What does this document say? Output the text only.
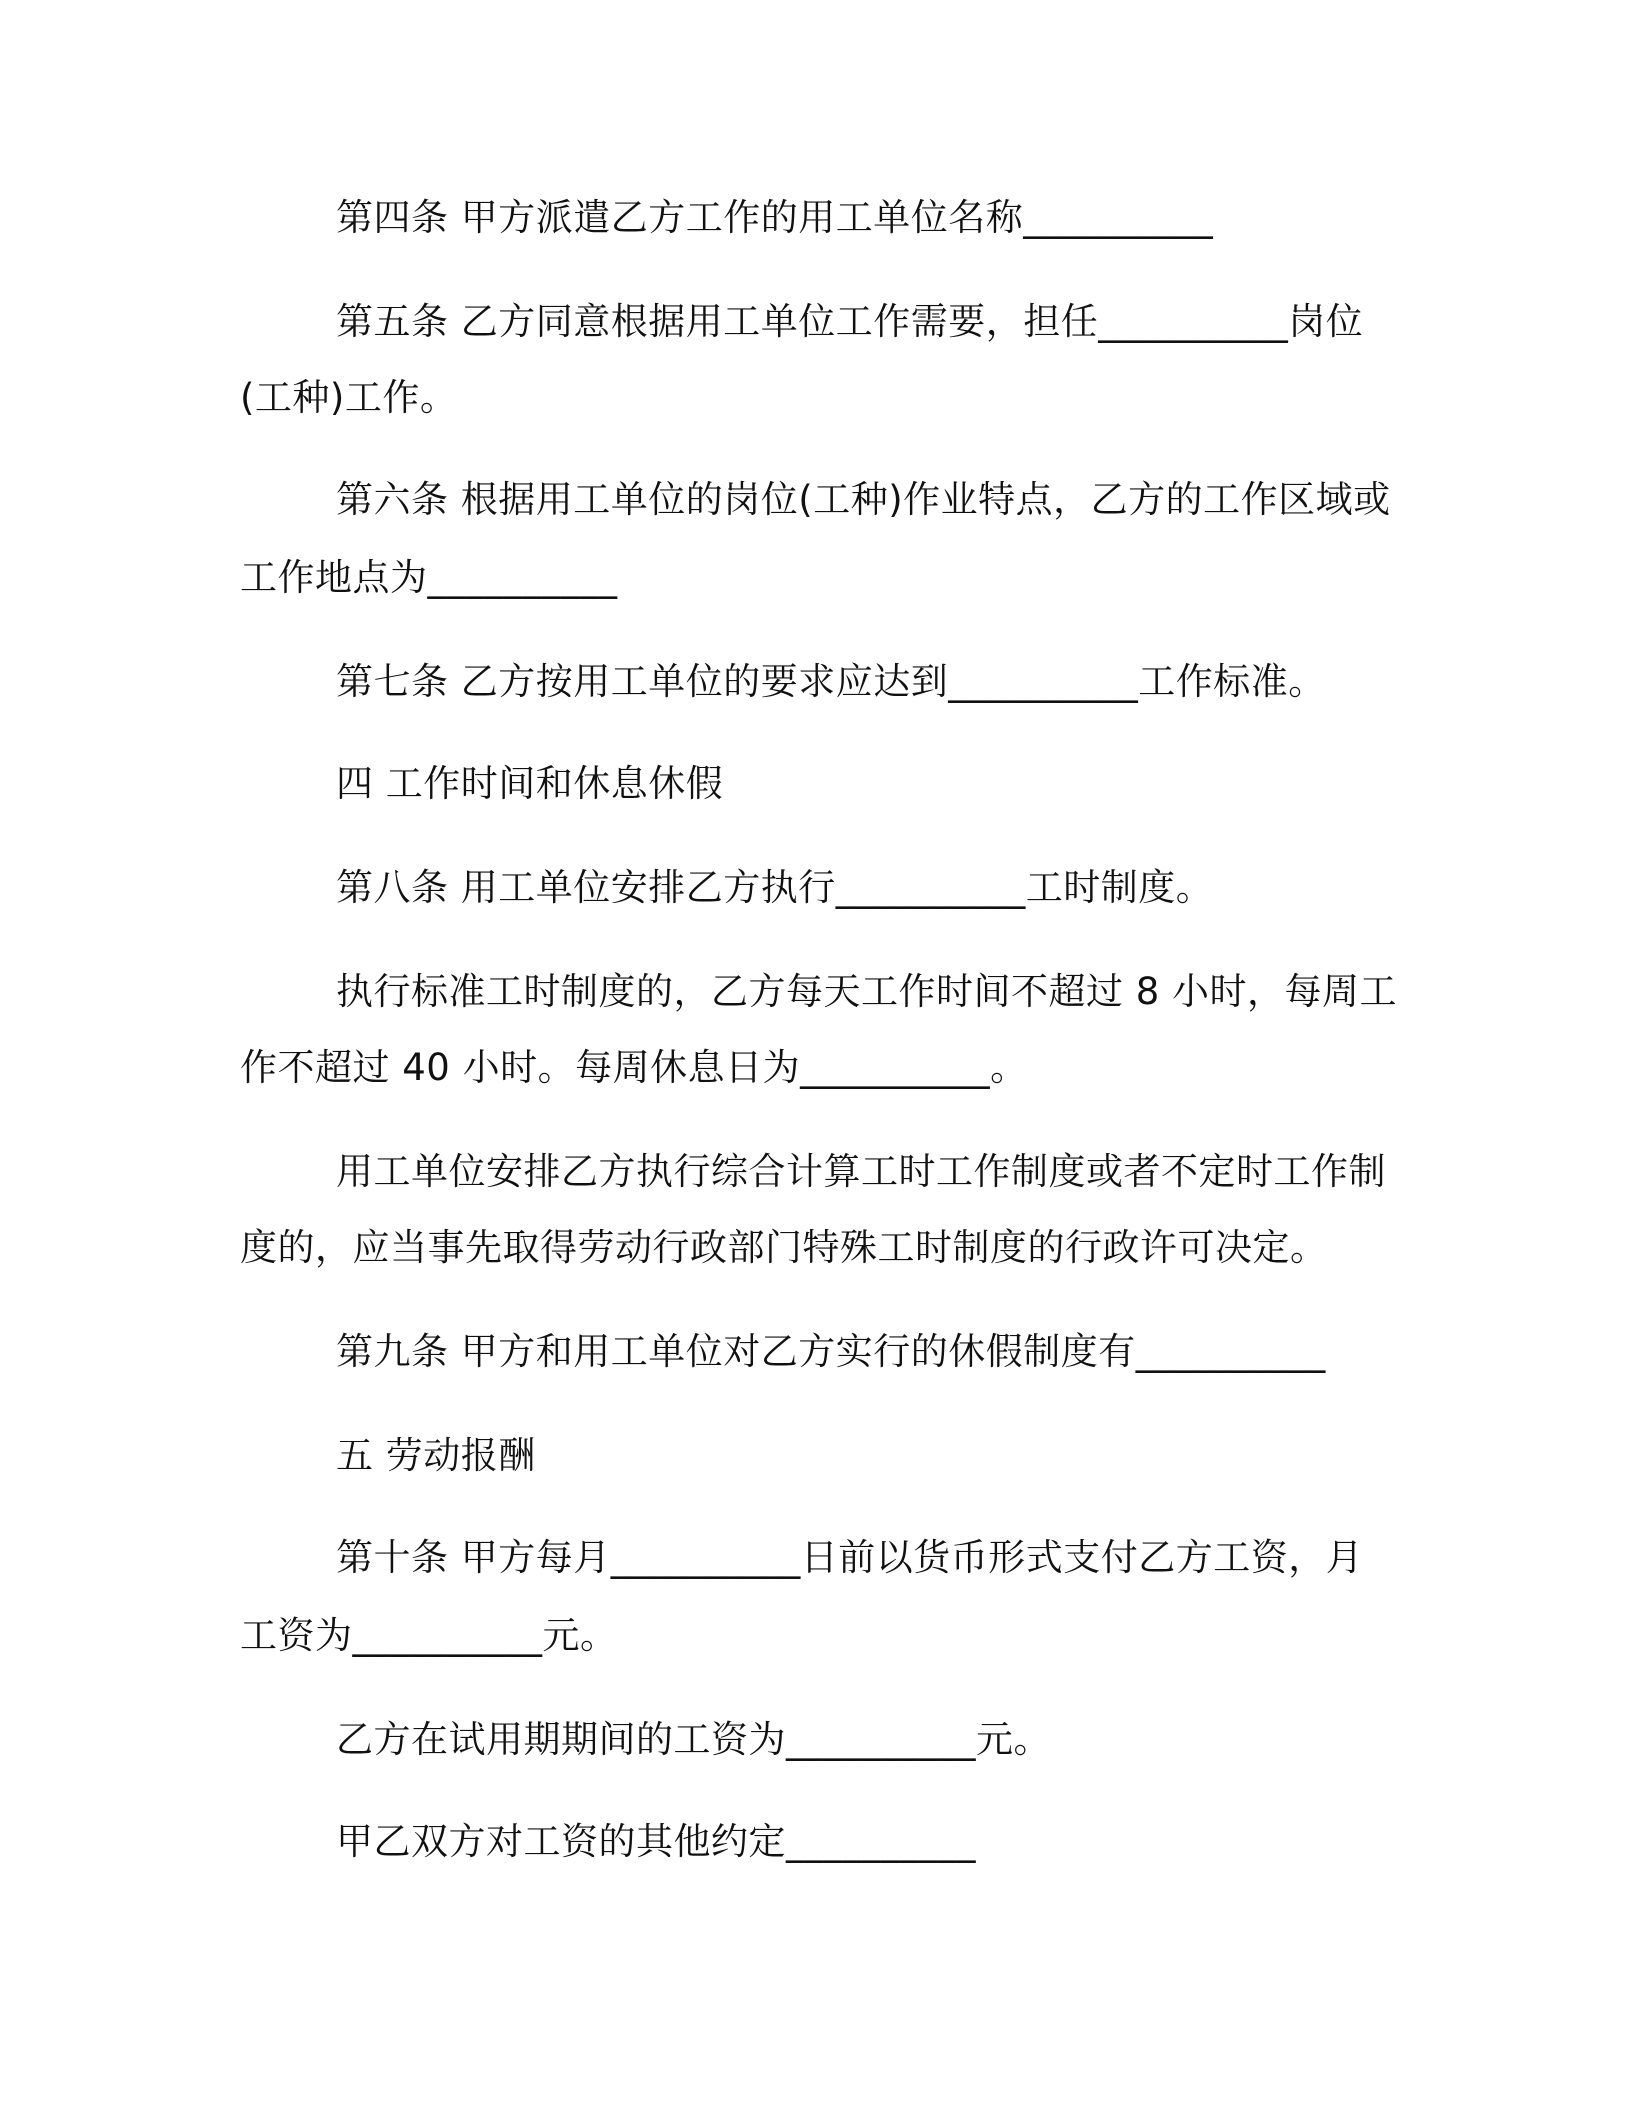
第四条 甲方派遣乙方工作的用工单位名称__________
第五条 乙方同意根据用工单位工作需要，担任__________岗位
(工种)工作。
第六条 根据用工单位的岗位(工种)作业特点，乙方的工作区域或
工作地点为__________
第七条 乙方按用工单位的要求应达到__________工作标准。
四 工作时间和休息休假
第八条 用工单位安排乙方执行__________工时制度。
执行标准工时制度的，乙方每天工作时间不超过 8 小时，每周工
作不超过 40 小时。每周休息日为__________。
用工单位安排乙方执行综合计算工时工作制度或者不定时工作制
度的，应当事先取得劳动行政部门特殊工时制度的行政许可决定。
第九条 甲方和用工单位对乙方实行的休假制度有__________
五 劳动报酬
第十条 甲方每月__________日前以货币形式支付乙方工资，月
工资为__________元。
乙方在试用期期间的工资为__________元。
甲乙双方对工资的其他约定__________
